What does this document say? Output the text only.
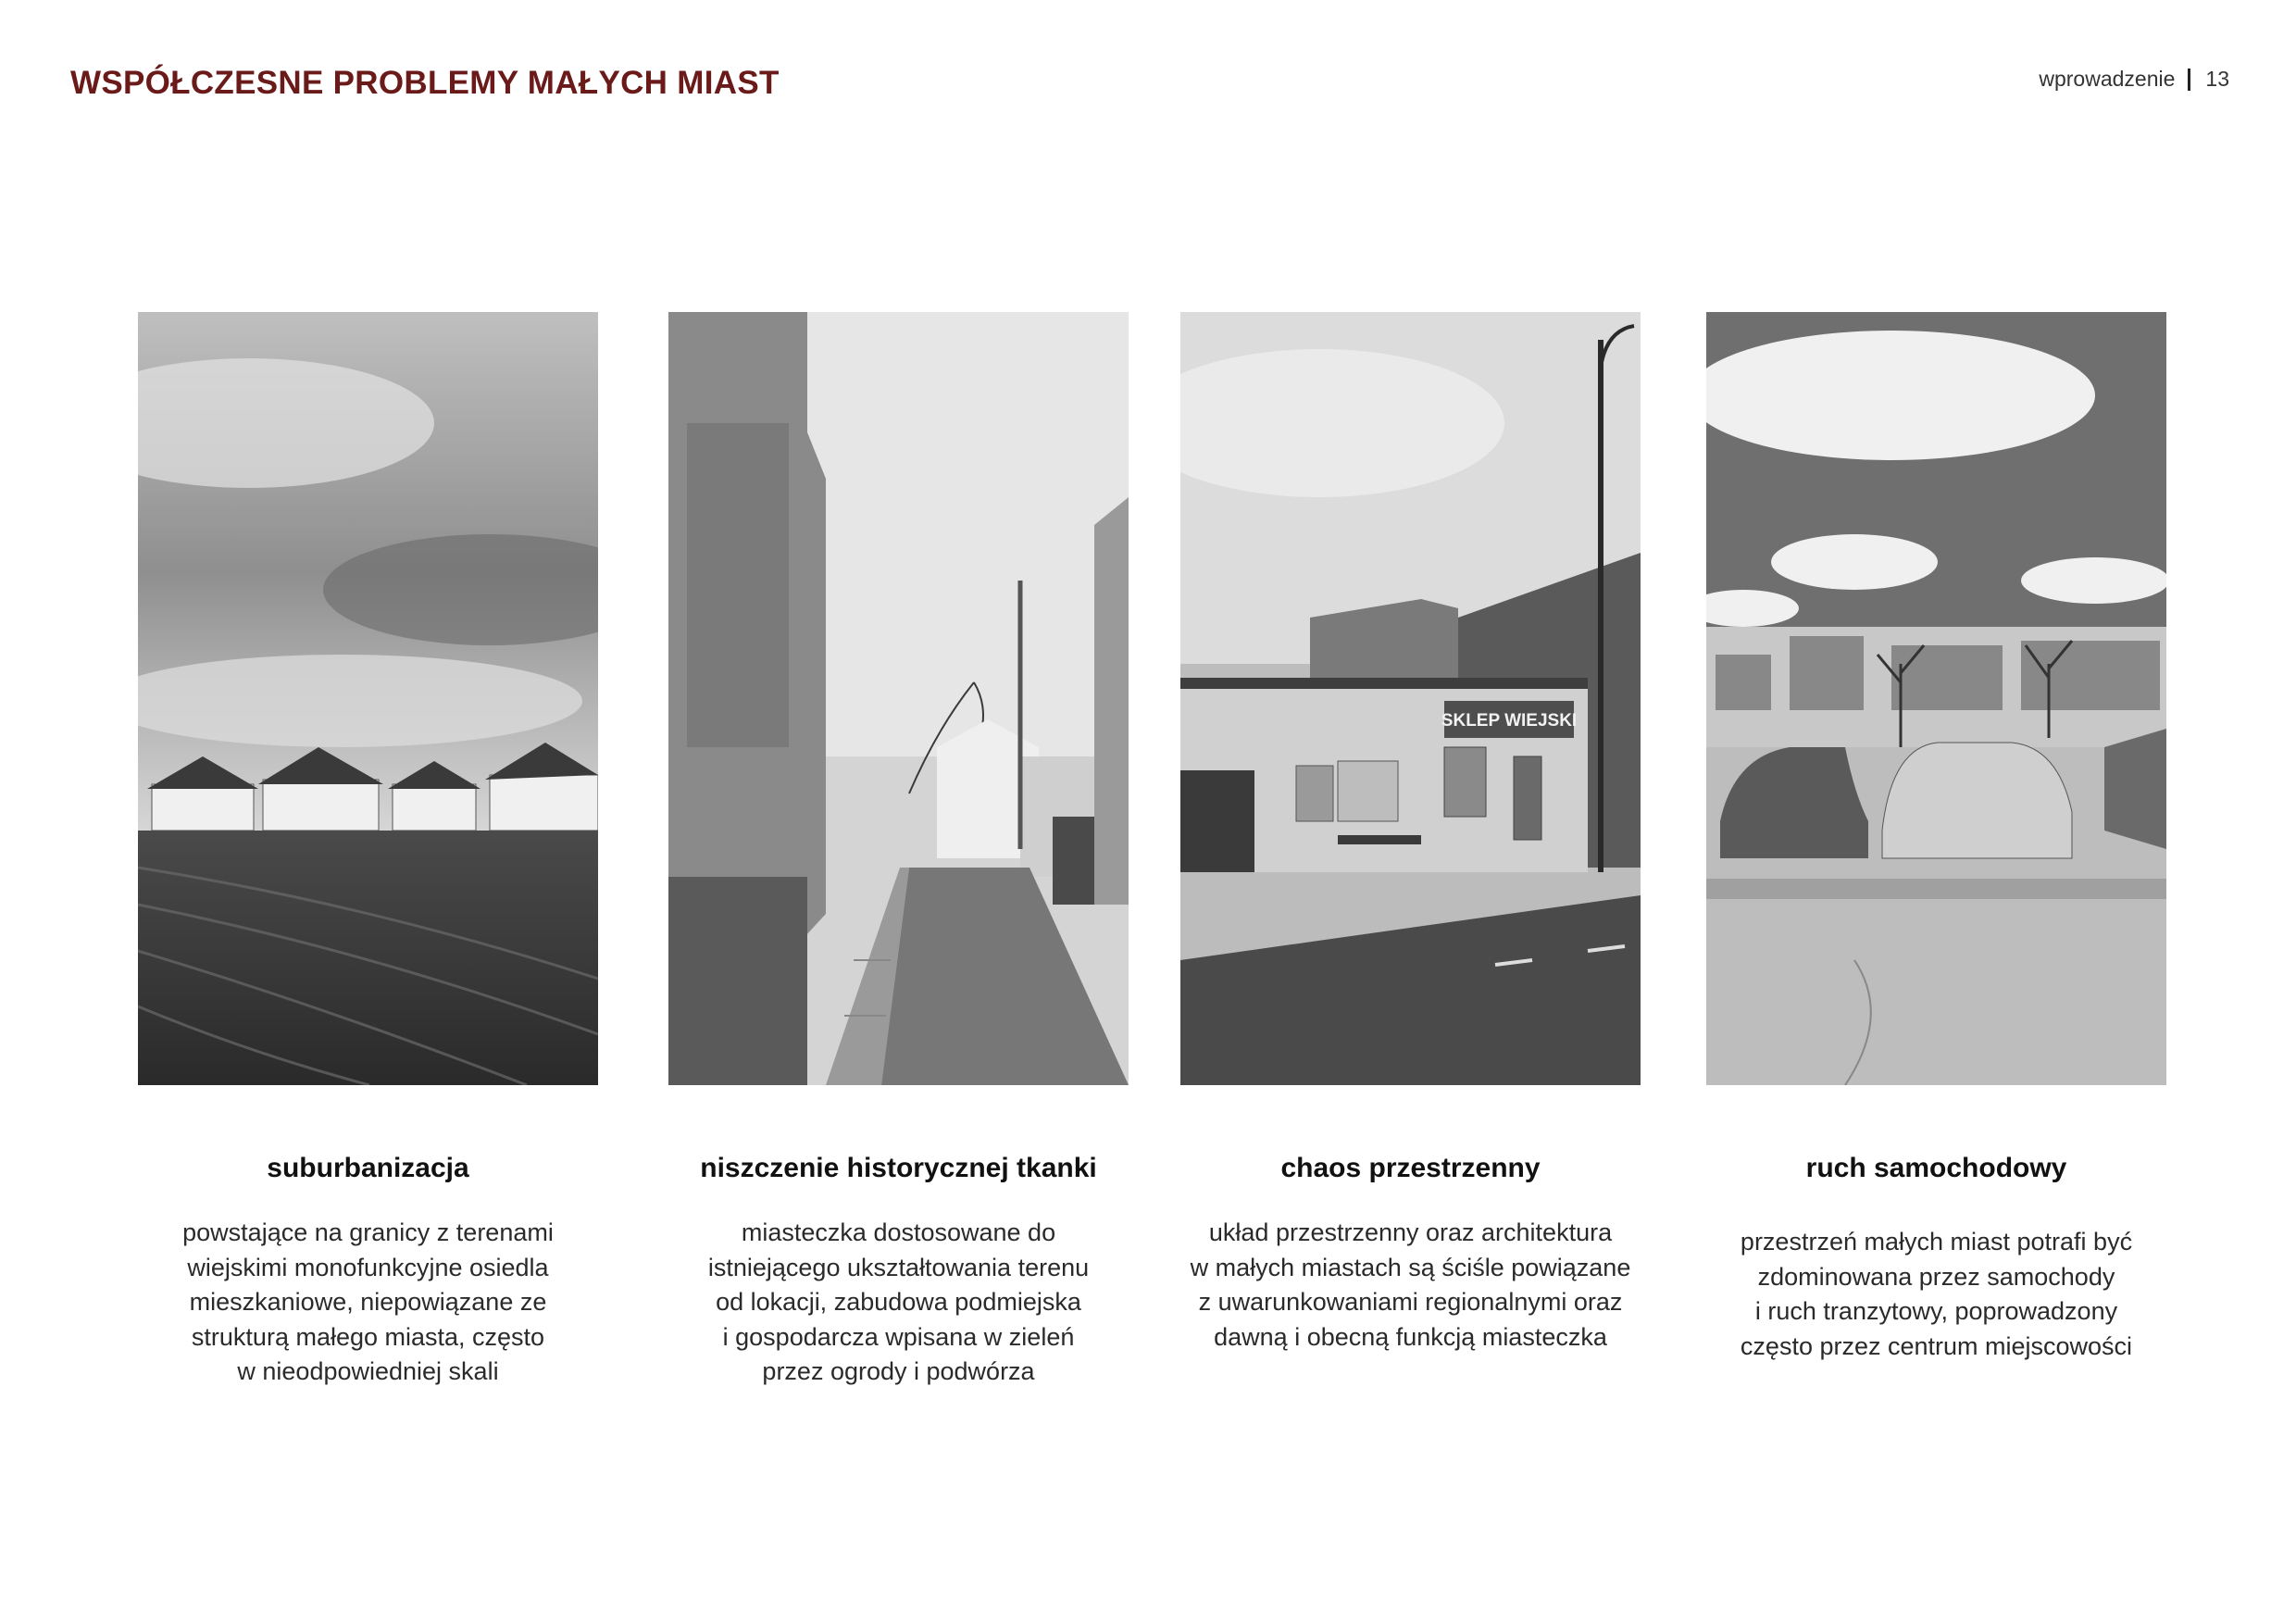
WSPÓŁCZESNE PROBLEMY MAŁYCH MIAST	wprowadzenie 13
SKLEP WIEJSKI
suburbanizacja

powstające na granicy z terenami
wiejskimi monofunkcyjne osiedla
mieszkaniowe, niepowiązane ze
strukturą małego miasta, często
w nieodpowiedniej skali

niszczenie historycznej tkanki

miasteczka dostosowane do
istniejącego ukształtowania terenu
od lokacji, zabudowa podmiejska
i gospodarcza wpisana w zieleń
przez ogrody i podwórza

chaos przestrzenny

układ przestrzenny oraz architektura
w małych miastach są ściśle powiązane
z uwarunkowaniami regionalnymi oraz
dawną i obecną funkcją miasteczka

ruch samochodowy

przestrzeń małych miast potrafi być
zdominowana przez samochody
i ruch tranzytowy, poprowadzony
często przez centrum miejscowości
